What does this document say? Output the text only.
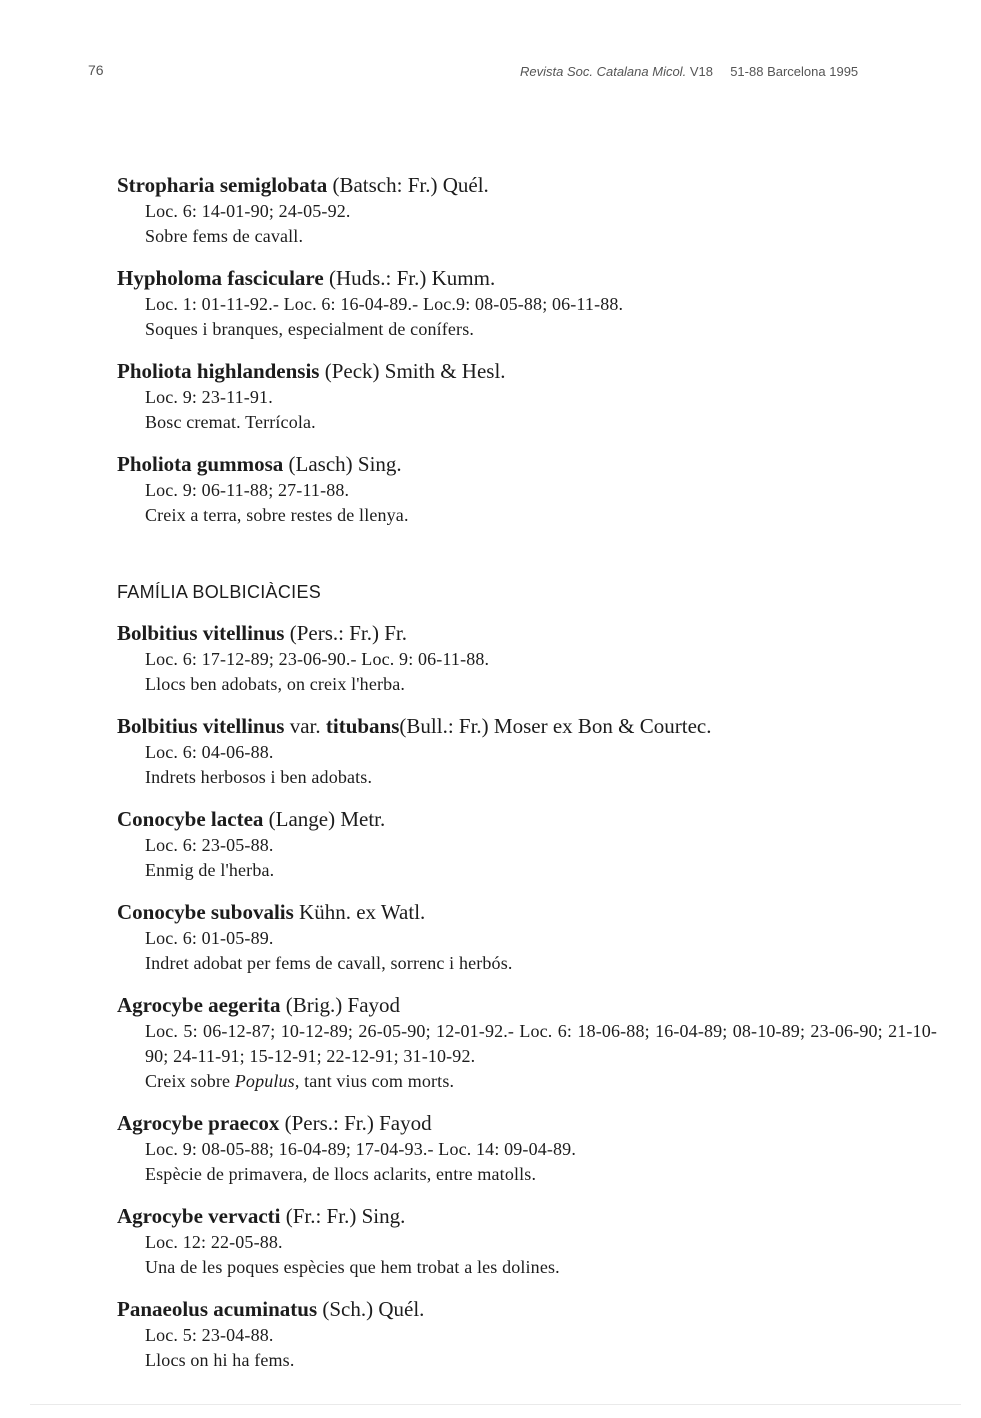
76	Revista Soc. Catalana Micol. V18 51-88 Barcelona 1995

Stropharia semiglobata (Batsch: Fr.) Quél.

Loc. 6: 14-01-90; 24-05-92.

Sobre fems de cavall.

Hypholoma fasciculare (Huds.: Fr.) Kumm.

Loc. 1: 01-11-92.- Loc. 6: 16-04-89.- Loc.9: 08-05-88; 06-11-88.

Soques i branques, especialment de conífers.

Pholiota highlandensis (Peck) Smith & Hesl.

Loc. 9: 23-11-91.

Bosc cremat. Terrícola.

Pholiota gummosa (Lasch) Sing.

Loc. 9: 06-11-88; 27-11-88.

Creix a terra, sobre restes de llenya.

FAMÍLIA BOLBICIÀCIES

Bolbitius vitellinus (Pers.: Fr.) Fr.

Loc. 6: 17-12-89; 23-06-90.- Loc. 9: 06-11-88.

Llocs ben adobats, on creix l'herba.

Bolbitius vitellinus var. titubans(Bull.: Fr.) Moser ex Bon & Courtec.

Loc. 6: 04-06-88.

Indrets herbosos i ben adobats.

Conocybe lactea (Lange) Metr.

Loc. 6: 23-05-88.

Enmig de l'herba.

Conocybe subovalis Kühn. ex Watl.

Loc. 6: 01-05-89.

Indret adobat per fems de cavall, sorrenc i herbós.

Agrocybe aegerita (Brig.) Fayod

Loc. 5: 06-12-87; 10-12-89; 26-05-90; 12-01-92.- Loc. 6: 18-06-88; 16-04-89; 08-10-89; 23-06-90; 21-10-90; 24-11-91; 15-12-91; 22-12-91; 31-10-92.

Creix sobre Populus, tant vius com morts.

Agrocybe praecox (Pers.: Fr.) Fayod

Loc. 9: 08-05-88; 16-04-89; 17-04-93.- Loc. 14: 09-04-89.

Espècie de primavera, de llocs aclarits, entre matolls.

Agrocybe vervacti (Fr.: Fr.) Sing.

Loc. 12: 22-05-88.

Una de les poques espècies que hem trobat a les dolines.

Panaeolus acuminatus (Sch.) Quél.

Loc. 5: 23-04-88.

Llocs on hi ha fems.
